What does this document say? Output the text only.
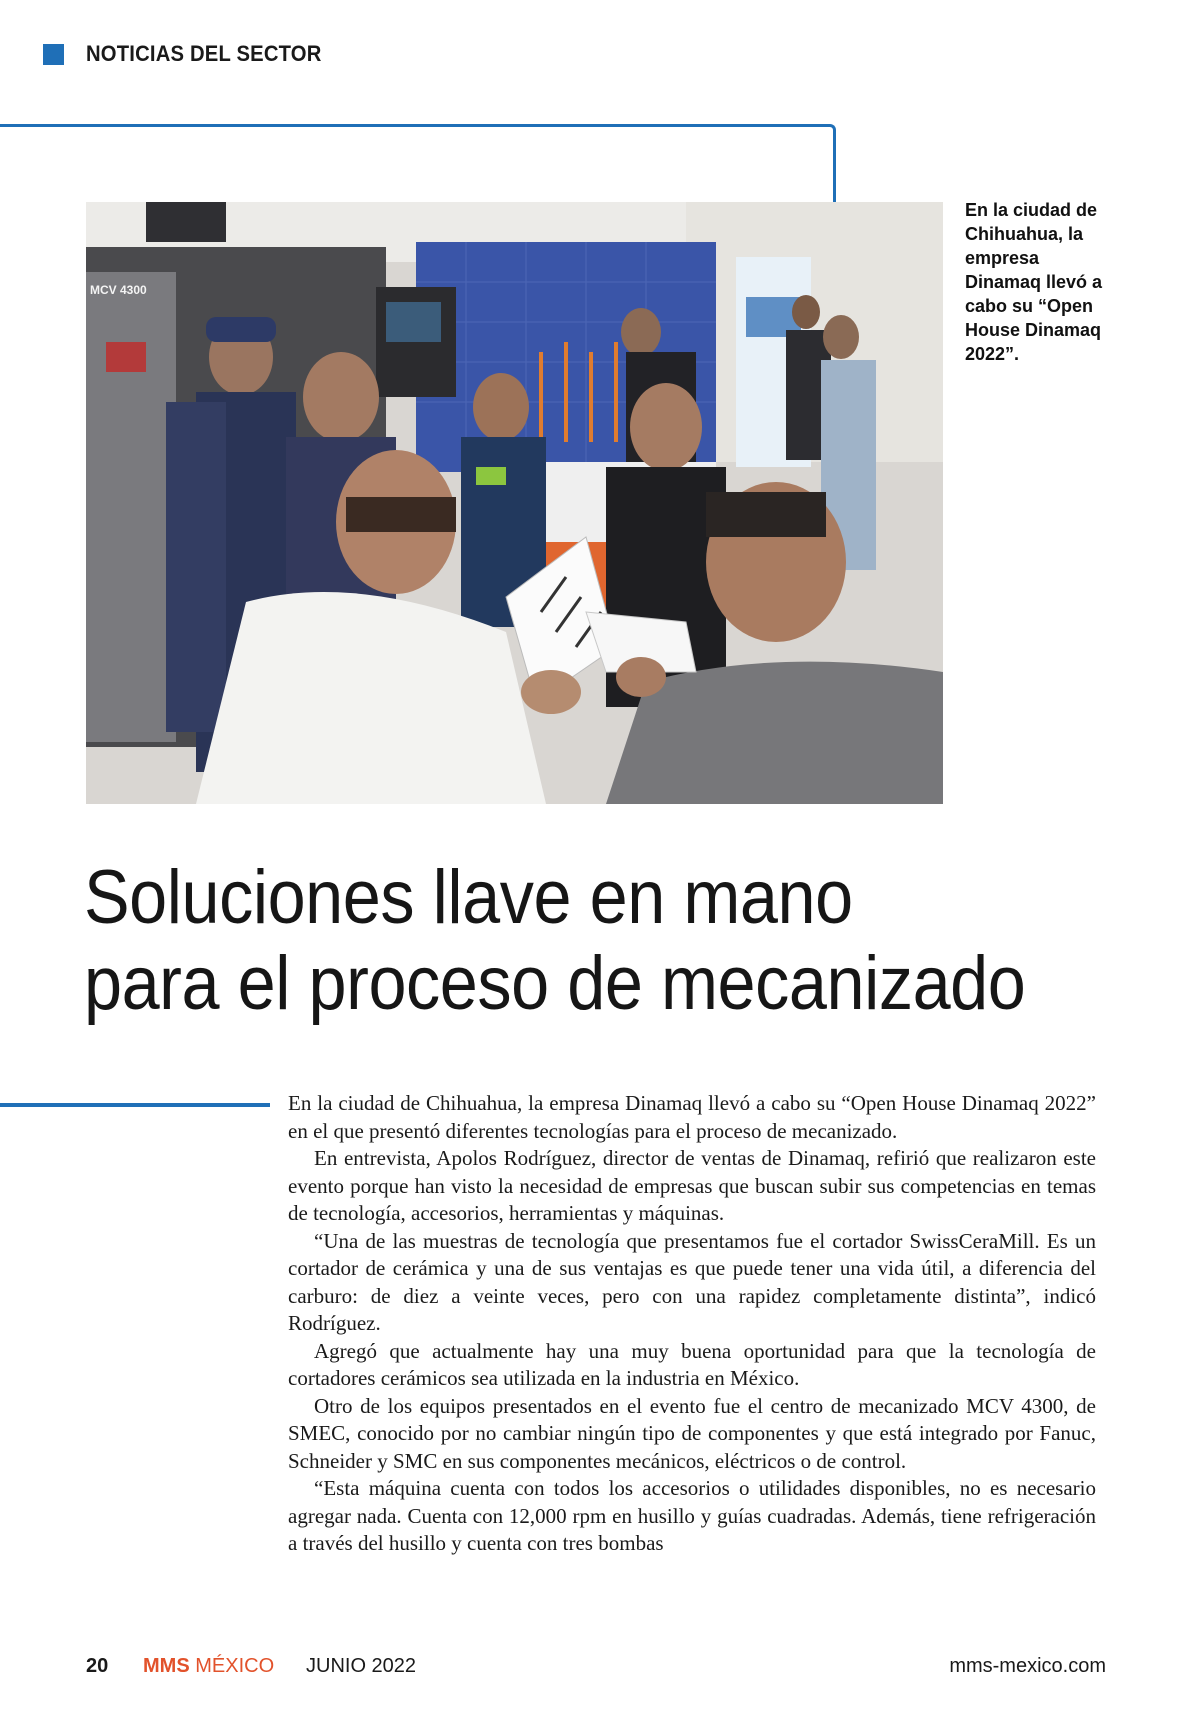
NOTICIAS DEL SECTOR
MCV 4300
En la ciudad de Chihuahua, la empresa Dinamaq llevó a cabo su “Open House Dinamaq 2022”.
Soluciones llave en mano
para el proceso de mecanizado

En la ciudad de Chihuahua, la empresa Dinamaq llevó a cabo su “Open House Dinamaq 2022” en el que presentó diferentes tecnologías para el proceso de mecanizado.

En entrevista, Apolos Rodríguez, director de ventas de Dinamaq, refirió que realizaron este evento porque han visto la necesidad de empresas que buscan subir sus competencias en temas de tecnología, accesorios, herramientas y máquinas.

“Una de las muestras de tecnología que presentamos fue el cortador SwissCeraMill. Es un cortador de cerámica y una de sus ventajas es que puede tener una vida útil, a diferencia del carburo: de diez a veinte veces, pero con una rapidez completamente distinta”, indicó Rodríguez.

Agregó que actualmente hay una muy buena oportunidad para que la tecnología de cortadores cerámicos sea utilizada en la industria en México.

Otro de los equipos presentados en el evento fue el centro de mecanizado MCV 4300, de SMEC, conocido por no cambiar ningún tipo de componentes y que está integrado por Fanuc, Schneider y SMC en sus componentes mecánicos, eléctricos o de control.

“Esta máquina cuenta con todos los accesorios o utilidades disponibles, no es necesario agregar nada. Cuenta con 12,000 rpm en husillo y guías cuadradas. Además, tiene refrigeración a través del husillo y cuenta con tres bombas

20 MMS MÉXICO JUNIO 2022	mms-mexico.com
